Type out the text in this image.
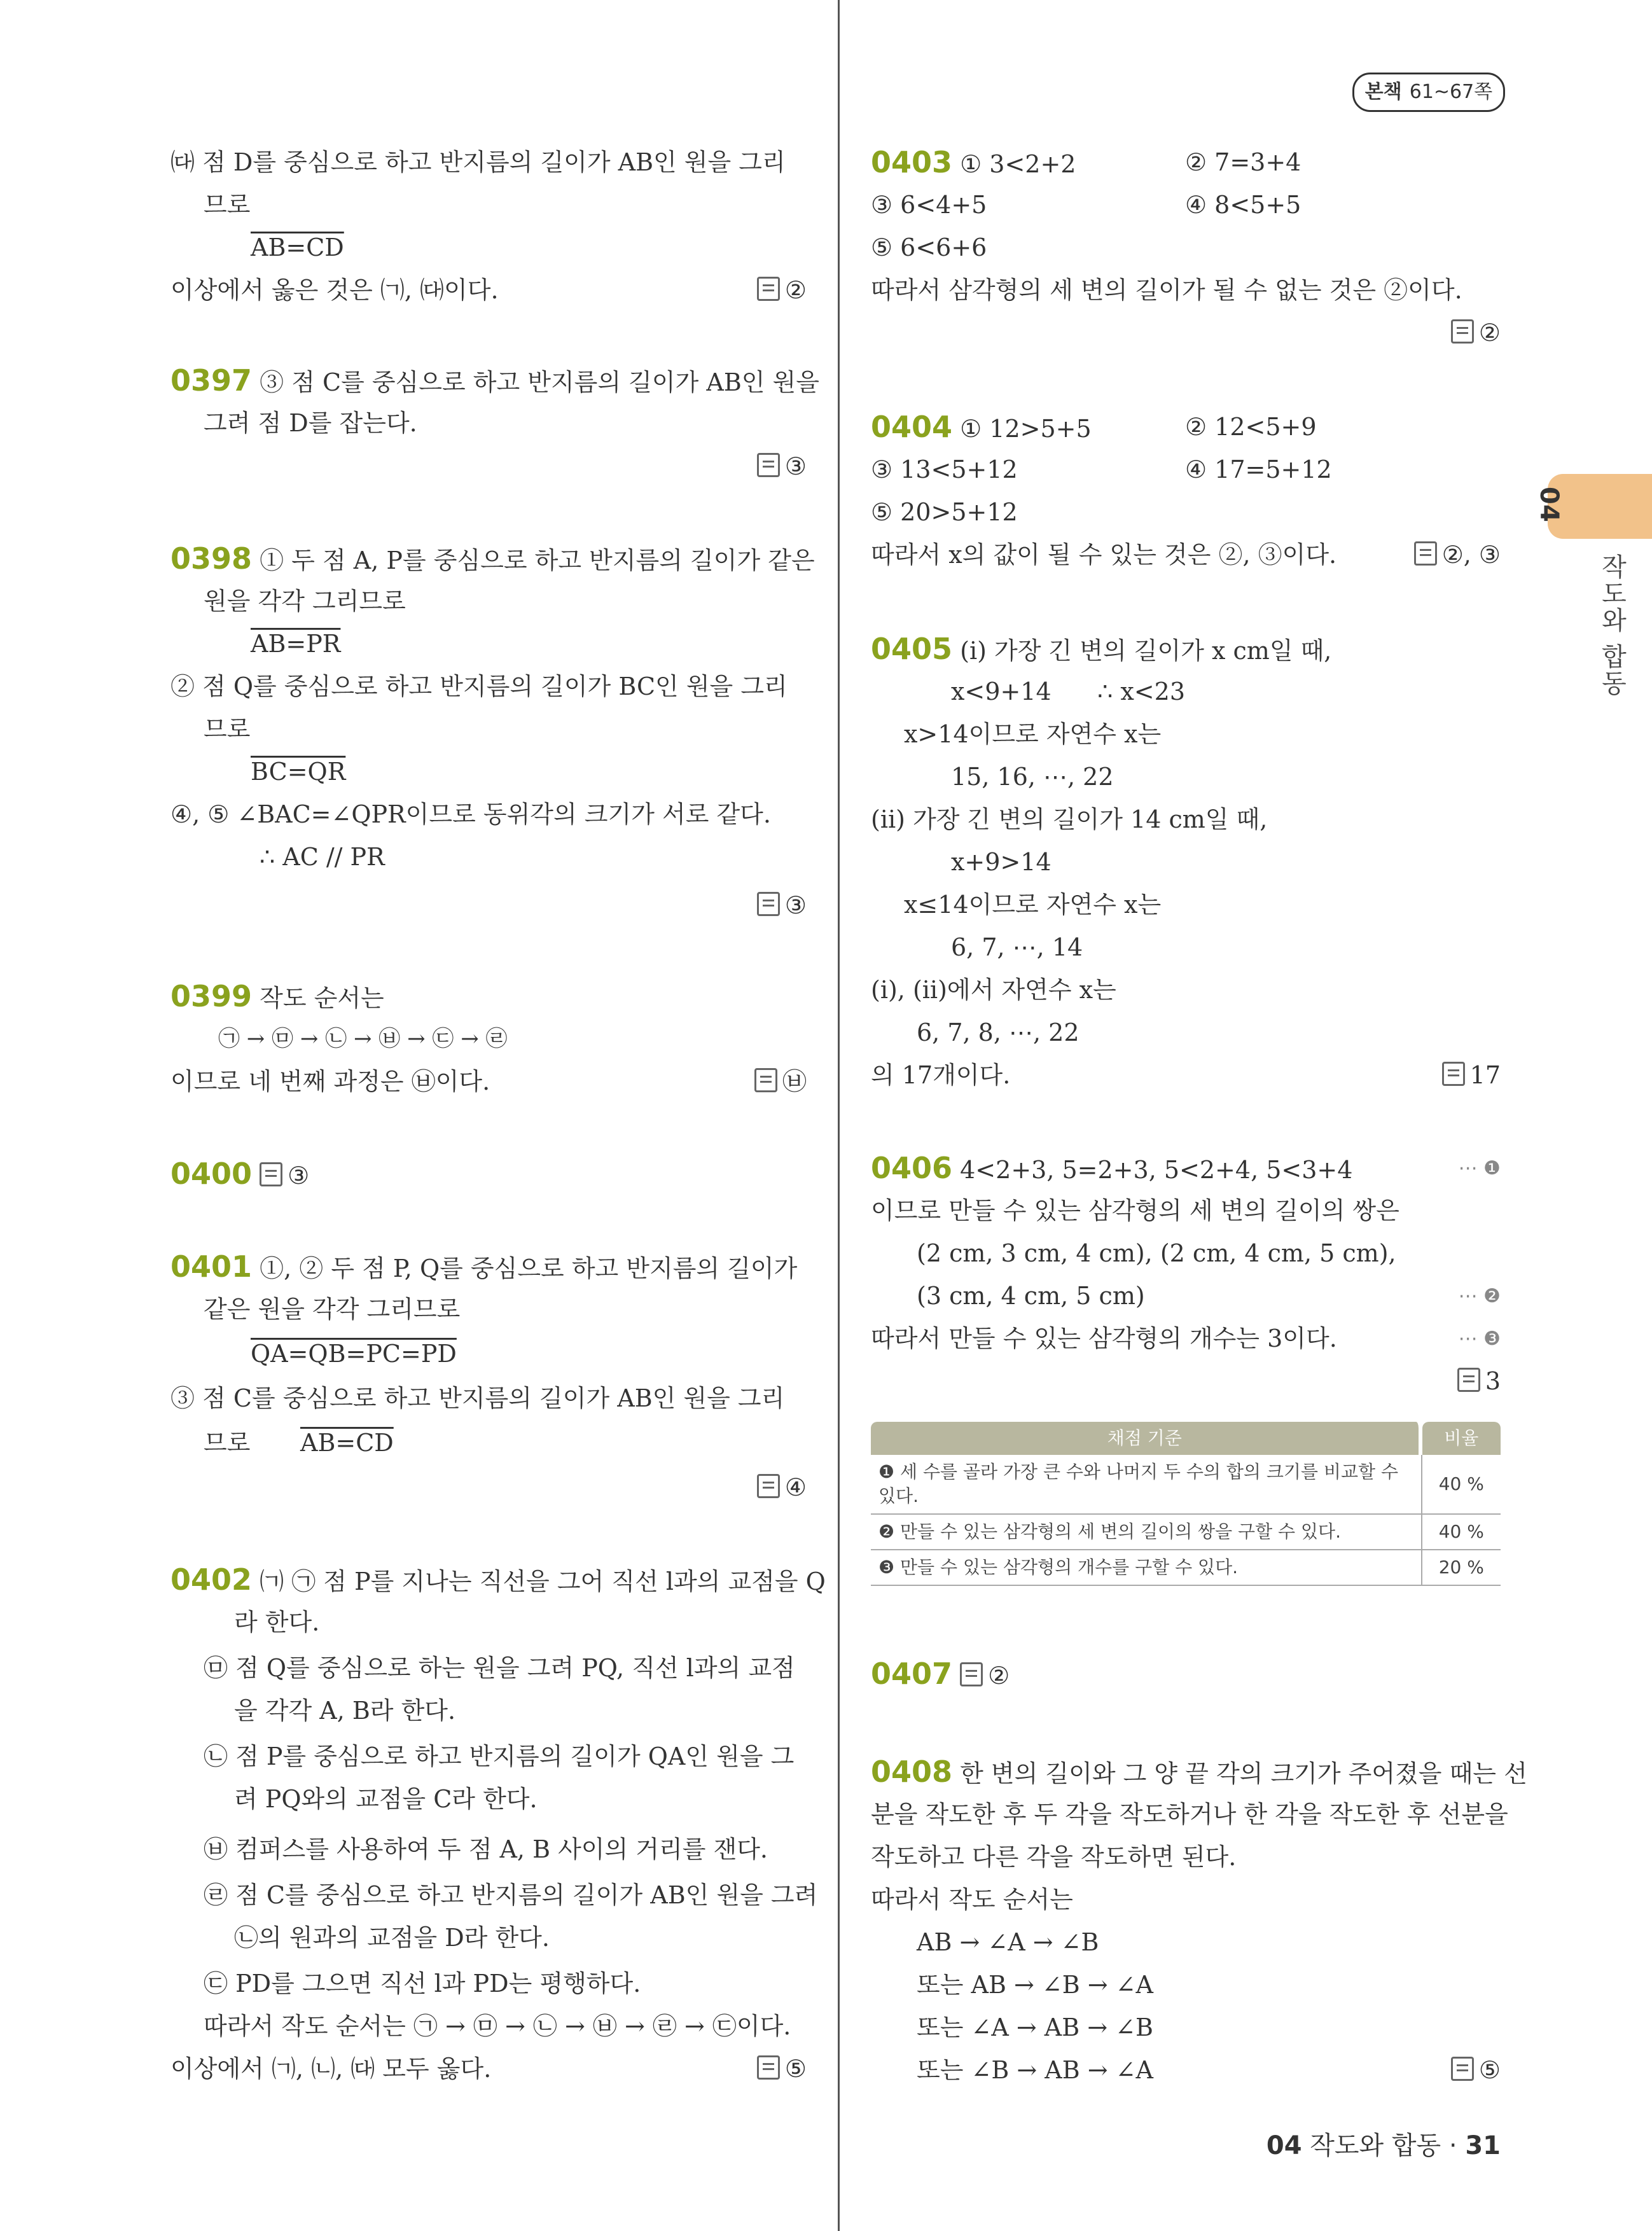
본책 61~67쪽
04
작도와 합동
㈐ 점 D를 중심으로 하고 반지름의 길이가 AB인 원을 그리
므로
AB=CD
이상에서 옳은 것은 ㈀, ㈐이다.	②
0397 ③ 점 C를 중심으로 하고 반지름의 길이가 AB인 원을
그려 점 D를 잡는다.
③
0398 ① 두 점 A, P를 중심으로 하고 반지름의 길이가 같은
원을 각각 그리므로
AB=PR
② 점 Q를 중심으로 하고 반지름의 길이가 BC인 원을 그리
므로
BC=QR
④, ⑤ ∠BAC=∠QPR이므로 동위각의 크기가 서로 같다.
∴ AC // PR
③
0399 작도 순서는
㉠ → ㉤ → ㉡ → ㉥ → ㉢ → ㉣
이므로 네 번째 과정은 ㉥이다.	㉥
0400 ③
0401 ①, ② 두 점 P, Q를 중심으로 하고 반지름의 길이가
같은 원을 각각 그리므로
QA=QB=PC=PD
③ 점 C를 중심으로 하고 반지름의 길이가 AB인 원을 그리
므로 AB=CD
④
0402 ㈀ ㉠ 점 P를 지나는 직선을 그어 직선 l과의 교점을 Q
라 한다.
㉤ 점 Q를 중심으로 하는 원을 그려 PQ, 직선 l과의 교점
을 각각 A, B라 한다.
㉡ 점 P를 중심으로 하고 반지름의 길이가 QA인 원을 그
려 PQ와의 교점을 C라 한다.
㉥ 컴퍼스를 사용하여 두 점 A, B 사이의 거리를 잰다.
㉣ 점 C를 중심으로 하고 반지름의 길이가 AB인 원을 그려
㉡의 원과의 교점을 D라 한다.
㉢ PD를 그으면 직선 l과 PD는 평행하다.
따라서 작도 순서는 ㉠ → ㉤ → ㉡ → ㉥ → ㉣ → ㉢이다.
이상에서 ㈀, ㈁, ㈐ 모두 옳다.	⑤
0403 ① 3<2+2	② 7=3+4
③ 6<4+5	④ 8<5+5
⑤ 6<6+6
따라서 삼각형의 세 변의 길이가 될 수 없는 것은 ②이다.
②
0404 ① 12>5+5	② 12<5+9
③ 13<5+12	④ 17=5+12
⑤ 20>5+12
따라서 x의 값이 될 수 있는 것은 ②, ③이다.	②, ③
0405 (ⅰ) 가장 긴 변의 길이가 x cm일 때,
x<9+14      ∴ x<23
x>14이므로 자연수 x는
15, 16, ⋯, 22
(ⅱ) 가장 긴 변의 길이가 14 cm일 때,
x+9>14
x≤14이므로 자연수 x는
6, 7, ⋯, 14
(ⅰ), (ⅱ)에서 자연수 x는
6, 7, 8, ⋯, 22
의 17개이다.	17
0406 4<2+3, 5=2+3, 5<2+4, 5<3+4	⋯ ❶
이므로 만들 수 있는 삼각형의 세 변의 길이의 쌍은
(2 cm, 3 cm, 4 cm), (2 cm, 4 cm, 5 cm),
(3 cm, 4 cm, 5 cm)	⋯ ❷
따라서 만들 수 있는 삼각형의 개수는 3이다.	⋯ ❸
3
0407 ②
0408 한 변의 길이와 그 양 끝 각의 크기가 주어졌을 때는 선
분을 작도한 후 두 각을 작도하거나 한 각을 작도한 후 선분을
작도하고 다른 각을 작도하면 된다.
따라서 작도 순서는
AB → ∠A → ∠B
또는 AB → ∠B → ∠A
또는 ∠A → AB → ∠B
또는 ∠B → AB → ∠A	⑤
채점 기준	비율
❶ 세 수를 골라 가장 큰 수와 나머지 두 수의 합의 크기를 비교할 수 있다.	40 %
❷ 만들 수 있는 삼각형의 세 변의 길이의 쌍을 구할 수 있다.	40 %
❸ 만들 수 있는 삼각형의 개수를 구할 수 있다.	20 %
04 작도와 합동 · 31
